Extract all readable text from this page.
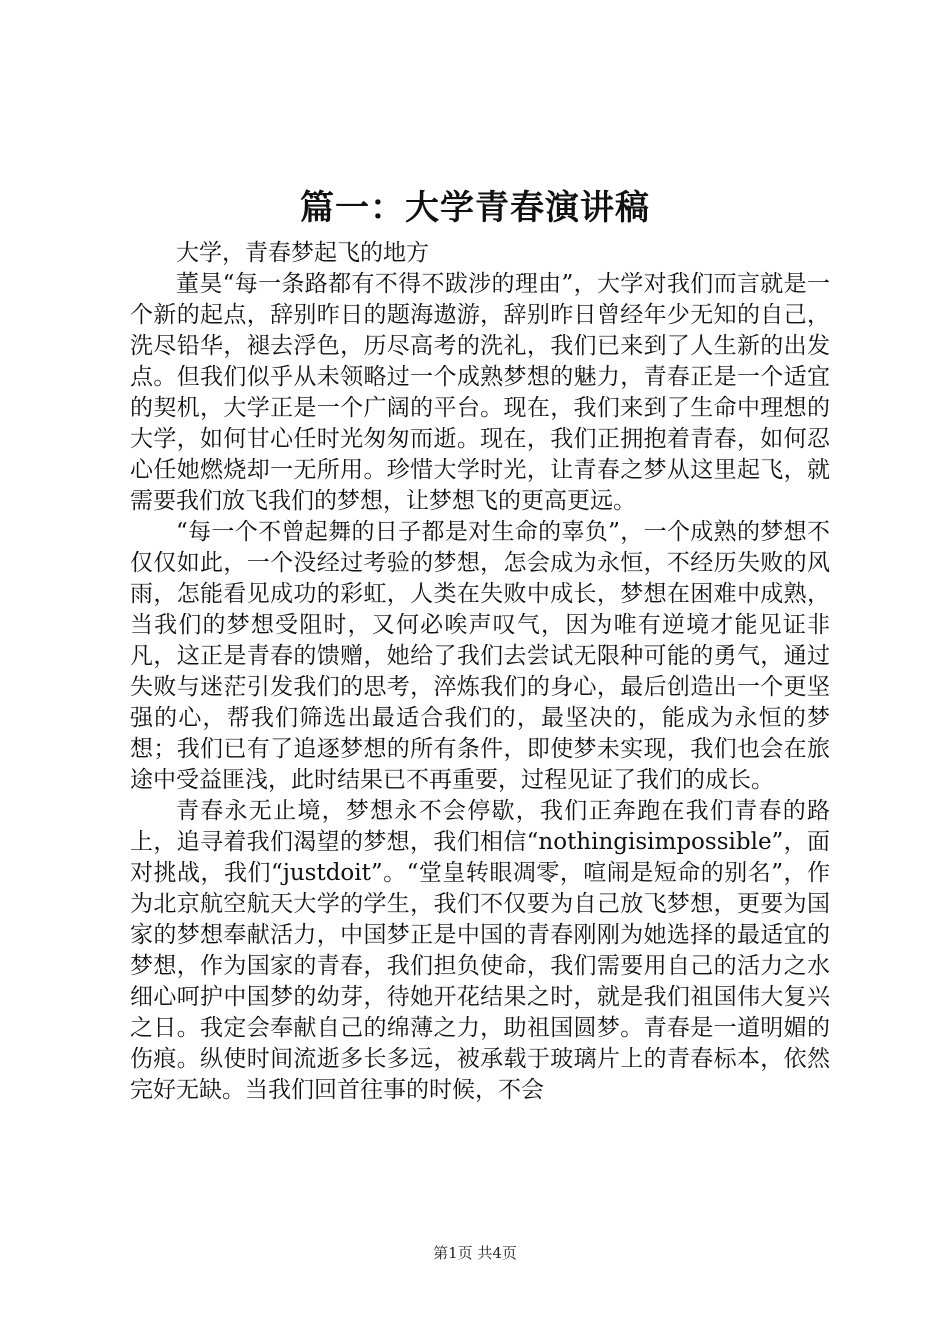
篇一：大学青春演讲稿

大学，青春梦起飞的地方

董昊“每一条路都有不得不跋涉的理由”，大学对我们而言就是一个新的起点，辞别昨日的题海遨游，辞别昨日曾经年少无知的自己，洗尽铅华，褪去浮色，历尽高考的洗礼，我们已来到了人生新的出发点。但我们似乎从未领略过一个成熟梦想的魅力，青春正是一个适宜的契机，大学正是一个广阔的平台。现在，我们来到了生命中理想的大学，如何甘心任时光匆匆而逝。现在，我们正拥抱着青春，如何忍心任她燃烧却一无所用。珍惜大学时光，让青春之梦从这里起飞，就需要我们放飞我们的梦想，让梦想飞的更高更远。

“每一个不曾起舞的日子都是对生命的辜负”，一个成熟的梦想不仅仅如此，一个没经过考验的梦想，怎会成为永恒，不经历失败的风雨，怎能看见成功的彩虹，人类在失败中成长，梦想在困难中成熟，当我们的梦想受阻时，又何必唉声叹气，因为唯有逆境才能见证非凡，这正是青春的馈赠，她给了我们去尝试无限种可能的勇气，通过失败与迷茫引发我们的思考，淬炼我们的身心，最后创造出一个更坚强的心，帮我们筛选出最适合我们的，最坚决的，能成为永恒的梦想；我们已有了追逐梦想的所有条件，即使梦未实现，我们也会在旅途中受益匪浅，此时结果已不再重要，过程见证了我们的成长。

青春永无止境，梦想永不会停歇，我们正奔跑在我们青春的路上，追寻着我们渴望的梦想，我们相信“nothingisimpossible”，面对挑战，我们“justdoit”。“堂皇转眼凋零，喧闹是短命的别名”，作为北京航空航天大学的学生，我们不仅要为自己放飞梦想，更要为国家的梦想奉献活力，中国梦正是中国的青春刚刚为她选择的最适宜的梦想，作为国家的青春，我们担负使命，我们需要用自己的活力之水细心呵护中国梦的幼芽，待她开花结果之时，就是我们祖国伟大复兴之日。我定会奉献自己的绵薄之力，助祖国圆梦。青春是一道明媚的伤痕。纵使时间流逝多长多远，被承载于玻璃片上的青春标本，依然完好无缺。当我们回首往事的时候，不会

第1页 共4页
